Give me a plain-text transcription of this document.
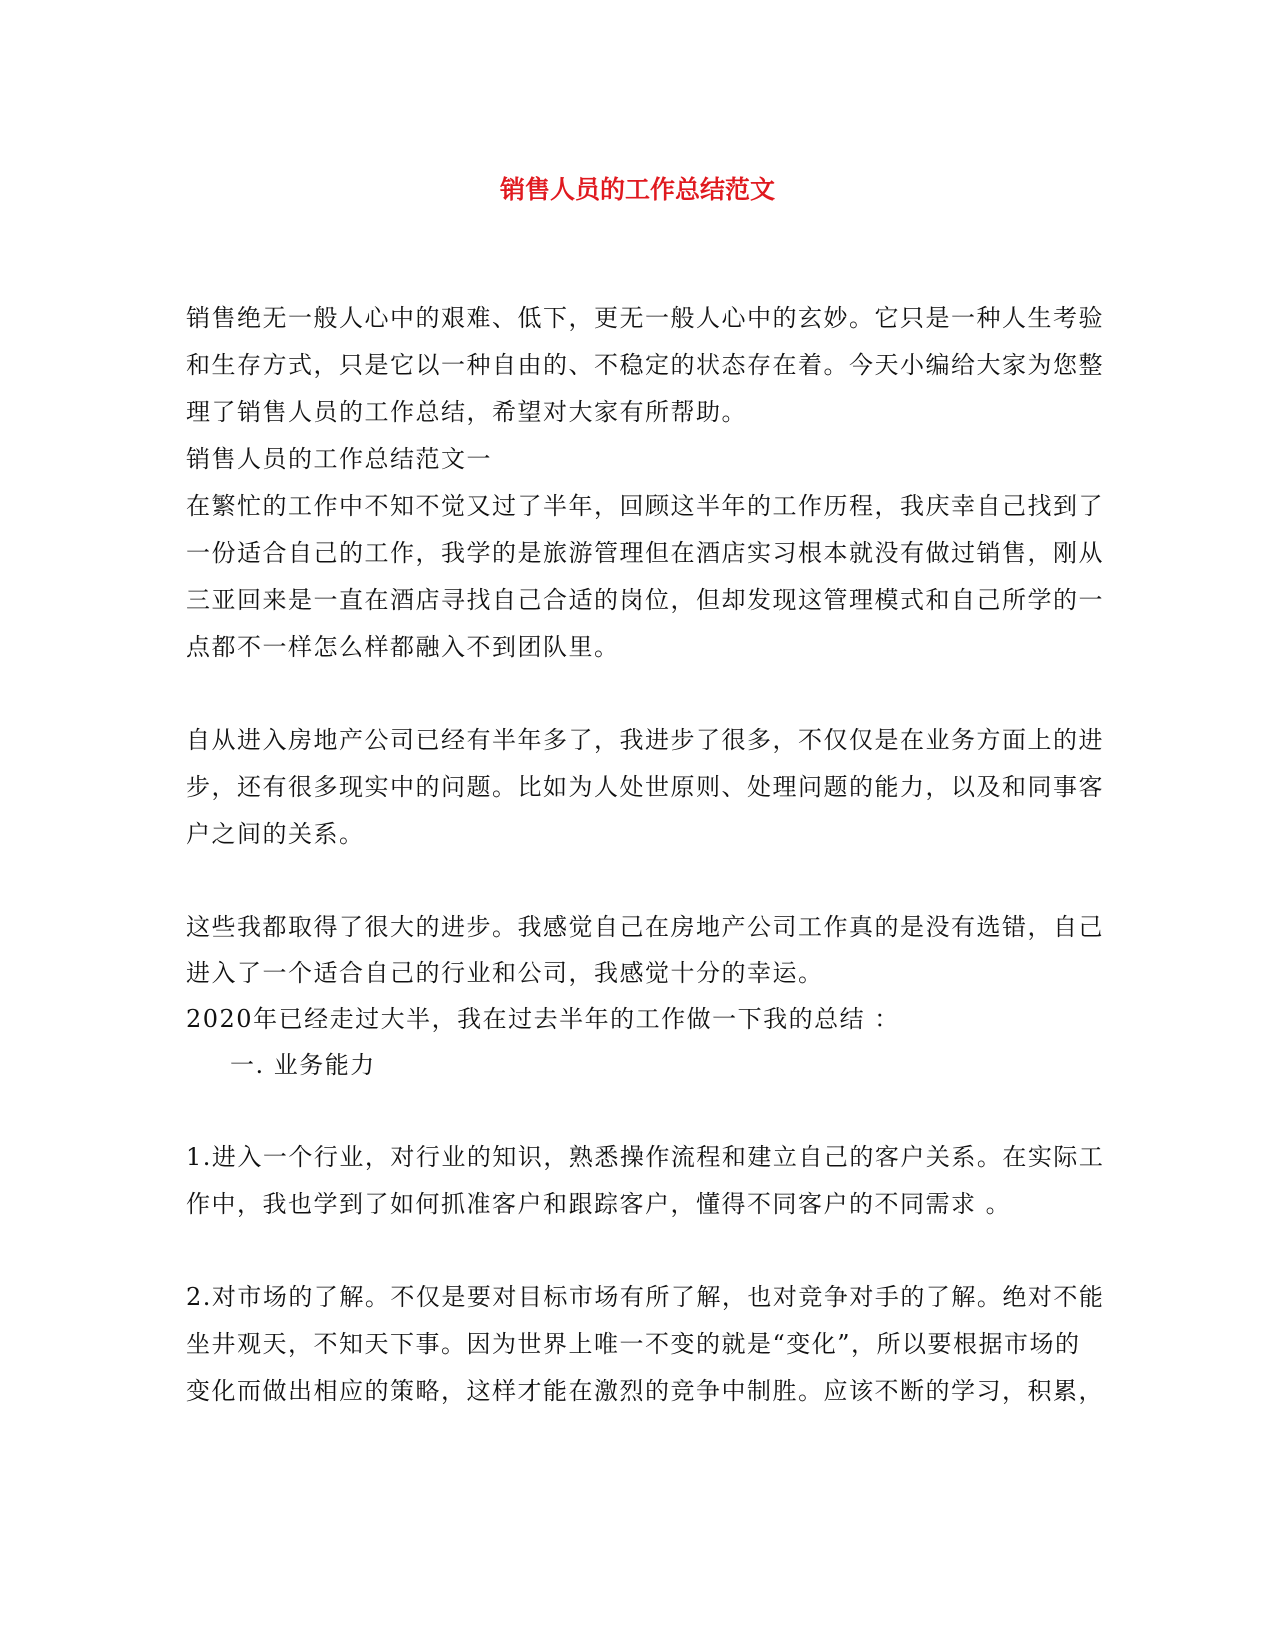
销售人员的工作总结范文
销售绝无一般人心中的艰难、低下，更无一般人心中的玄妙。它只是一种人生考验
和生存方式，只是它以一种自由的、不稳定的状态存在着。今天小编给大家为您整
理了销售人员的工作总结，希望对大家有所帮助。
销售人员的工作总结范文一
在繁忙的工作中不知不觉又过了半年，回顾这半年的工作历程，我庆幸自己找到了
一份适合自己的工作，我学的是旅游管理但在酒店实习根本就没有做过销售，刚从
三亚回来是一直在酒店寻找自己合适的岗位，但却发现这管理模式和自己所学的一
点都不一样怎么样都融入不到团队里。
自从进入房地产公司已经有半年多了，我进步了很多，不仅仅是在业务方面上的进
步，还有很多现实中的问题。比如为人处世原则、处理问题的能力，以及和同事客
户之间的关系。
这些我都取得了很大的进步。我感觉自己在房地产公司工作真的是没有选错，自己
进入了一个适合自己的行业和公司，我感觉十分的幸运。
2020年已经走过大半，我在过去半年的工作做一下我的总结 ：
一. 业务能力
1.进入一个行业，对行业的知识，熟悉操作流程和建立自己的客户关系。在实际工
作中，我也学到了如何抓准客户和跟踪客户，懂得不同客户的不同需求 。
2.对市场的了解。不仅是要对目标市场有所了解，也对竞争对手的了解。绝对不能
坐井观天，不知天下事。因为世界上唯一不变的就是“变化”，所以要根据市场的
变化而做出相应的策略，这样才能在激烈的竞争中制胜。应该不断的学习，积累，
